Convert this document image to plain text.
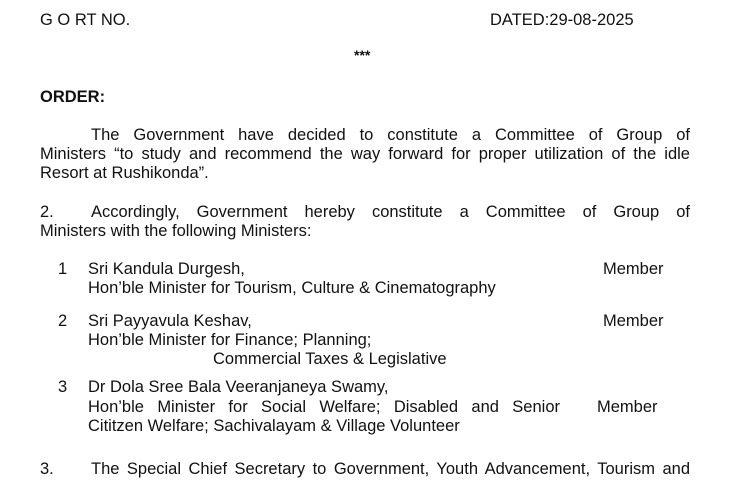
G O RT NO.	DATED:29-08-2025
***
ORDER:
The Government have decided to constitute a Committee of Group of
Ministers “to study and recommend the way forward for proper utilization of the idle
Resort at Rushikonda”.
2. Accordingly, Government hereby constitute a Committee of Group of
Ministers with the following Ministers:
1 Sri Kandula Durgesh,	Member
Hon’ble Minister for Tourism, Culture & Cinematography
2 Sri Payyavula Keshav,	Member
Hon’ble Minister for Finance; Planning;
Commercial Taxes & Legislative
3 Dr Dola Sree Bala Veeranjaneya Swamy,
Hon’ble Minister for Social Welfare; Disabled and Senior Member
Cititzen Welfare; Sachivalayam & Village Volunteer
3. The Special Chief Secretary to Government, Youth Advancement, Tourism and
